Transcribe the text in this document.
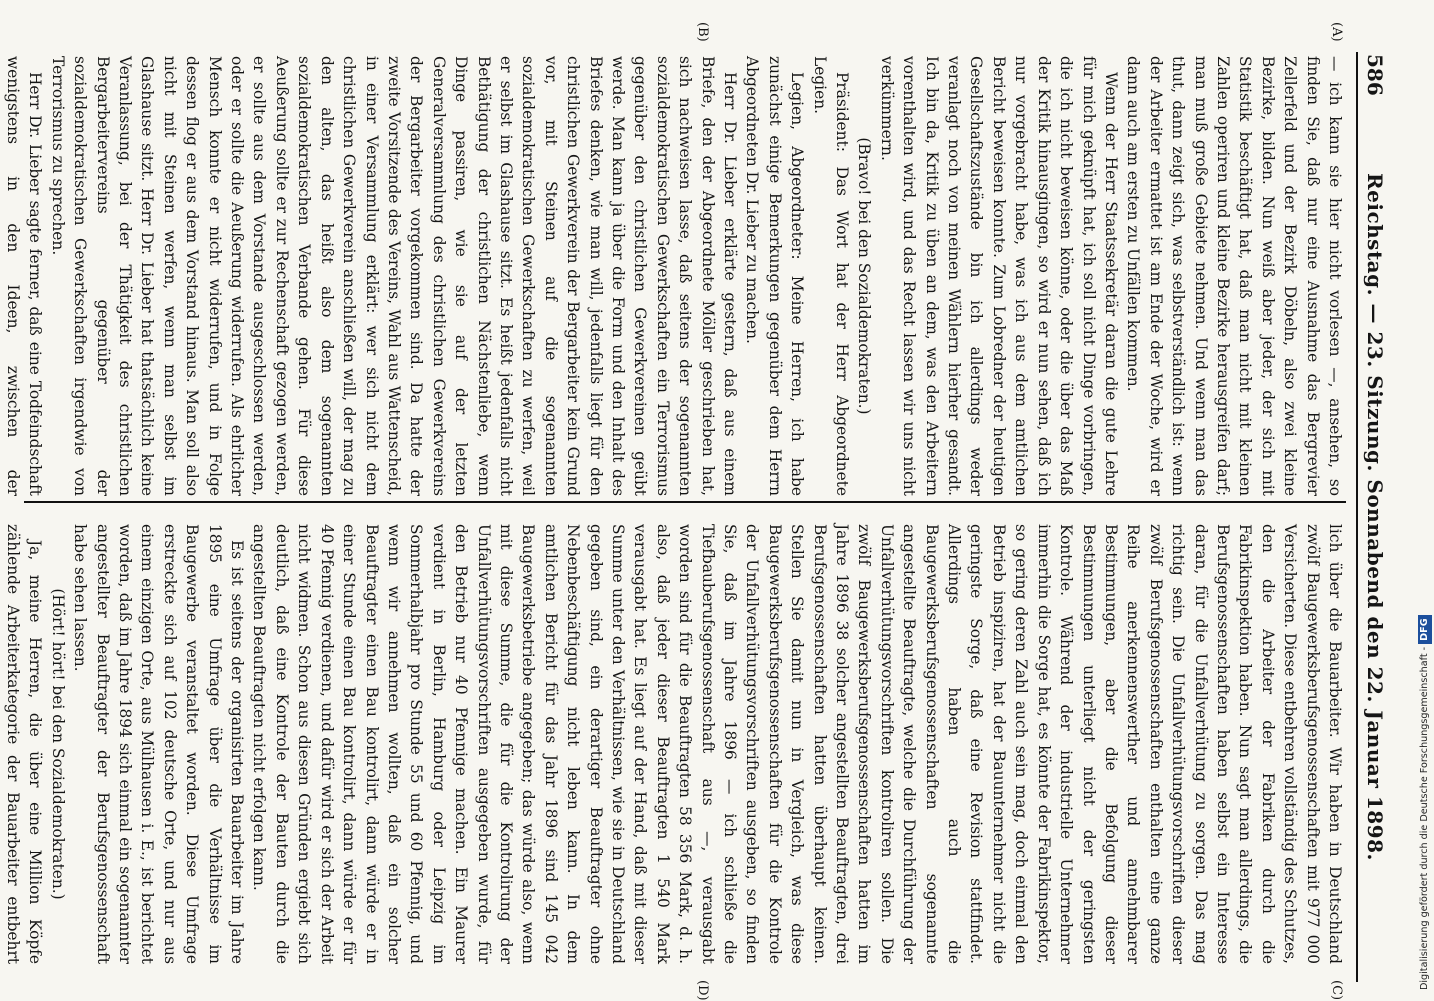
586
Reichstag. — 23. Sitzung. Sonnabend den 22. Januar 1898.
(A)
(B)
(C)
(D)

— ich kann sie hier nicht vorlesen —, ansehen, so finden Sie, daß nur eine Ausnahme das Bergrevier Zellerfeld und der Bezirk Döbeln, also zwei kleine Bezirke, bilden. Nun weiß aber jeder, der sich mit Statistik beschäftigt hat, daß man nicht mit kleinen Zahlen operiren und kleine Bezirke herausgreifen darf; man muß große Gebiete nehmen. Und wenn man das thut, dann zeigt sich, was selbstverständlich ist: wenn der Arbeiter ermattet ist am Ende der Woche, wird er dann auch am ersten zu Unfällen kommen.

Wenn der Herr Staatssekretär daran die gute Lehre für mich geknüpft hat, ich soll nicht Dinge vorbringen, die ich nicht beweisen könne, oder die über das Maß der Kritik hinausgingen, so wird er nun sehen, daß ich nur vorgebracht habe, was ich aus dem amtlichen Bericht beweisen konnte. Zum Lobredner der heutigen Gesellschaftszustände bin ich allerdings weder veranlagt noch von meinen Wählern hierher gesandt. Ich bin da, Kritik zu üben an dem, was den Arbeitern vorenthalten wird, und das Recht lassen wir uns nicht verkümmern.

(Bravo! bei den Sozialdemokraten.)

Präsident: Das Wort hat der Herr Abgeordnete Legien.

Legien, Abgeordneter: Meine Herren, ich habe zunächst einige Bemerkungen gegenüber dem Herrn Abgeordneten Dr. Lieber zu machen.

Herr Dr. Lieber erklärte gestern, daß aus einem Briefe, den der Abgeordnete Möller geschrieben hat, sich nachweisen lasse, daß seitens der sogenannten sozialdemokratischen Gewerkschaften ein Terrorismus gegenüber den christlichen Gewerkvereinen geübt werde. Man kann ja über die Form und den Inhalt des Briefes denken, wie man will, jedenfalls liegt für den christlichen Gewerkverein der Bergarbeiter kein Grund vor, mit Steinen auf die sogenannten sozialdemokratischen Gewerkschaften zu werfen, weil er selbst im Glashause sitzt. Es heißt jedenfalls nicht Bethätigung der christlichen Nächstenliebe, wenn Dinge passiren, wie sie auf der letzten Generalversammlung des christlichen Gewerkvereins der Bergarbeiter vorgekommen sind. Da hatte der zweite Vorsitzende des Vereins, Wahl aus Wattenscheid, in einer Versammlung erklärt: wer sich nicht dem christlichen Gewerkverein anschließen will, der mag zu den alten, das heißt also dem sogenannten sozialdemokratischen Verbande gehen. Für diese Aeußerung sollte er zur Rechenschaft gezogen werden, er sollte aus dem Vorstande ausgeschlossen werden, oder er sollte die Aeußerung widerrufen. Als ehrlicher Mensch konnte er nicht widerrufen, und in Folge dessen flog er aus dem Vorstand hinaus. Man soll also nicht mit Steinen werfen, wenn man selbst im Glashause sitzt. Herr Dr. Lieber hat thatsächlich keine Veranlassung, bei der Thätigkeit des christlichen Bergarbeitervereins gegenüber der sozialdemokratischen Gewerkschaften irgendwie von Terrorismus zu sprechen.

Herr Dr. Lieber sagte ferner, daß eine Todfeindschaft wenigstens in den Ideen, zwischen der

lich über die Bauarbeiter. Wir haben in Deutschland zwölf Baugewerksberufsgenossenschaften mit 977 000 Versicherten. Diese entbehren vollständig des Schutzes, den die Arbeiter der Fabriken durch die Fabrikinspektion haben. Nun sagt man allerdings, die Berufsgenossenschaften haben selbst ein Interesse daran, für die Unfallverhütung zu sorgen. Das mag richtig sein. Die Unfallverhütungsvorschriften dieser zwölf Berufsgenossenschaften enthalten eine ganze Reihe anerkennenswerther und annehmbarer Bestimmungen, aber die Befolgung dieser Bestimmungen unterliegt nicht der geringsten Kontrole. Während der industrielle Unternehmer immerhin die Sorge hat, es könnte der Fabrikinspektor, so gering deren Zahl auch sein mag, doch einmal den Betrieb inspiziren, hat der Bauunternehmer nicht die geringste Sorge, daß eine Revision stattfindet. Allerdings haben auch die Baugewerksberufsgenossenschaften sogenannte angestellte Beauftragte, welche die Durchführung der Unfallverhütungsvorschriften kontroliren sollen. Die zwölf Baugewerksberufsgenossenschaften hatten im Jahre 1896 38 solcher angestellten Beauftragten, drei Berufsgenossenschaften hatten überhaupt keinen. Stellen Sie damit nun in Vergleich, was diese Baugewerksberufsgenossenschaften für die Kontrole der Unfallverhütungsvorschriften ausgeben, so finden Sie, daß im Jahre 1896 — ich schließe die Tiefbauberufsgenossenschaft aus —, verausgabt worden sind für die Beauftragten 58 356 Mark, d. h. also, daß jeder dieser Beauftragten 1 540 Mark verausgabt hat. Es liegt auf der Hand, daß mit dieser Summe unter den Verhältnissen, wie sie in Deutschland gegeben sind, ein derartiger Beauftragter ohne Nebenbeschäftigung nicht leben kann. In dem amtlichen Bericht für das Jahr 1896 sind 145 042 Baugewerksbetriebe angegeben; das würde also, wenn mit diese Summe, die für die Kontrolirung der Unfallverhütungsvorschriften ausgegeben wurde, für den Betrieb nur 40 Pfennige machen. Ein Maurer verdient in Berlin, Hamburg oder Leipzig im Sommerhalbjahr pro Stunde 55 und 60 Pfennig, und wenn wir annehmen wollten, daß ein solcher Beauftragter einen Bau kontrolirt, dann würde er in einer Stunde einen Bau kontrolirt, dann würde er für 40 Pfennig verdienen, und dafür wird er sich der Arbeit nicht widmen. Schon aus diesen Gründen ergiebt sich deutlich, daß eine Kontrole der Bauten durch die angestellten Beauftragten nicht erfolgen kann.

Es ist seitens der organisirten Bauarbeiter im Jahre 1895 eine Umfrage über die Verhältnisse im Baugewerbe veranstaltet worden. Diese Umfrage erstreckte sich auf 102 deutsche Orte, und nur aus einem einzigen Orte, aus Mülhausen i. E., ist berichtet worden, daß im Jahre 1894 sich einmal ein sogenannter angestellter Beauftragter der Berufsgenossenschaft habe sehen lassen.

(Hört! hört! bei den Sozialdemokraten.)

Ja, meine Herren, die über eine Million Köpfe zählende Arbeiterkategorie der Bauarbeiter entbehrt	Digitalisierung gefördert durch die Deutsche Forschungsgemeinschaft - DFG
